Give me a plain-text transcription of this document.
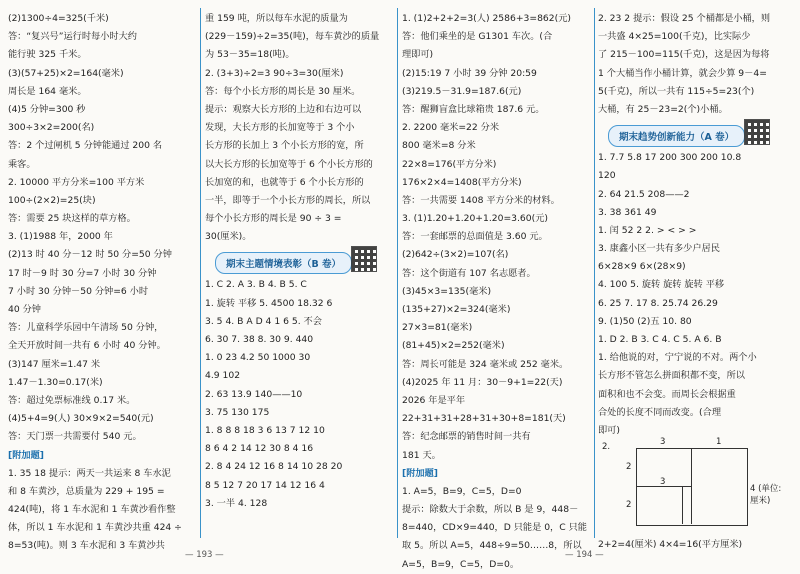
(2)1300÷4=325(千米)
答：“复兴号”运行时每小时大约
能行驶 325 千米。
(3)(57+25)×2=164(毫米)
周长是 164 毫米。
(4)5 分钟=300 秒
300÷3×2=200(名)
答：2 个过闸机 5 分钟能通过 200 名
乘客。
2. 10000 平方分米=100 平方米
100÷(2×2)=25(块)
答：需要 25 块这样的草方格。
3. (1)1988 年，2000 年
(2)13 时 40 分－12 时 50 分=50 分钟
17 时－9 时 30 分=7 小时 30 分钟
7 小时 30 分钟－50 分钟=6 小时
40 分钟
答：儿童科学乐园中午清场 50 分钟，
全天开放时间一共有 6 小时 40 分钟。
(3)147 厘米=1.47 米
1.47－1.30=0.17(米)
答：超过免票标准线 0.17 米。
(4)5+4=9(人) 30×9×2=540(元)
答：天门票一共需要付 540 元。
[附加题]
1. 35 18 提示：两天一共运来 8 车水泥
和 8 车黄沙，总质量为 229 + 195 =
424(吨)，将 1 车水泥和 1 车黄沙看作整
体，所以 1 车水泥和 1 车黄沙共重 424 ÷
8=53(吨)。则 3 车水泥和 3 车黄沙共
重 159 吨，所以每车水泥的质量为
(229－159)÷2=35(吨)，每车黄沙的质量
为 53－35=18(吨)。
2. (3+3)÷2=3 90÷3=30(厘米)
答：每个小长方形的周长是 30 厘米。
提示：观察大长方形的上边和右边可以
发现，大长方形的长加宽等于 3 个小
长方形的长加上 3 个小长方形的宽，所
以大长方形的长加宽等于 6 个小长方形的
长加宽的和，也就等于 6 个小长方形的
一半，即等于一个小长方形的周长，所以
每个小长方形的周长是 90 ÷ 3 =
30(厘米)。
期末主题情境表彰（B 卷）
1. C 2. A 3. B 4. B 5. C
1. 旋转 平移 5. 4500 18.32 6
3. 5 4. B A D 4 1 6 5. 不会
6. 30 7. 38 8. 30 9. 440
1. 0 23 4.2 50 1000 30
4.9 102
2. 63 13.9 140——10
3. 75 130 175
1. 8 8 8 18 3 6 13 7 12 10
8 6 4 2 14 12 30 8 4 16
2. 8 4 24 12 16 8 14 10 28 20
8 5 12 7 20 17 14 12 16 4
3. 一半 4. 128
1. (1)2+2+2=3(人) 2586+3=862(元)
答：他们乘坐的是 G1301 车次。(合
理即可)
(2)15:19 7 小时 39 分钟 20:59
(3)219.5－31.9=187.6(元)
答：醒狮盲盒比球箱贵 187.6 元。
2. 2200 毫米=22 分米
800 毫米=8 分米
22×8=176(平方分米)
176×2×4=1408(平方分米)
答：一共需要 1408 平方分米的材料。
3. (1)1.20+1.20+1.20=3.60(元)
答：一套邮票的总面值是 3.60 元。
(2)642÷(3×2)=107(名)
答：这个街道有 107 名志愿者。
(3)45×3=135(毫米)
(135+27)×2=324(毫米)
27×3=81(毫米)
(81+45)×2=252(毫米)
答：周长可能是 324 毫米或 252 毫米。
(4)2025 年 11 月：30－9+1=22(天)
2026 年是平年
22+31+31+28+31+30+8=181(天)
答：纪念邮票的销售时间一共有
181 天。
[附加题]
1. A=5，B=9，C=5，D=0
提示：除数大于余数，所以 B 是 9，448－
8=440，CD×9=440，D 只能是 0，C 只能
取 5。所以 A=5，448÷9=50……8，所以
A=5，B=9，C=5，D=0。
2. 23 2 提示：假设 25 个桶都是小桶，则
一共盛 4×25=100(千克)，比实际少
了 215－100=115(千克)，这是因为每将
1 个大桶当作小桶计算，就会少算 9－4=
5(千克)，所以一共有 115÷5=23(个)
大桶，有 25－23=2(个)小桶。
期末趋势创新能力（A 卷）
1. 7.7 5.8 17 200 300 200 10.8
120
2. 64 21.5 208——2
3. 38 361 49
1. 闰 52 2 2. > < > >
3. 康鑫小区一共有多少户居民
6×28×9 6×(28×9)
4. 100 5. 旋转 旋转 旋转 平移
6. 25 7. 17 8. 25.74 26.29
9. (1)50 (2)五 10. 80
1. D 2. B 3. C 4. C 5. A 6. B
1. 给他说的对，宁宁说的不对。两个小
长方形不管怎么拼面积都不变，所以
面积和也不会变。而周长会根据重
合处的长度不同而改变。(合理
即可)
2.	3	1
2
3
4 (单位:厘米)
2
2+2=4(厘米) 4×4=16(平方厘米)
— 193 —	— 194 —
